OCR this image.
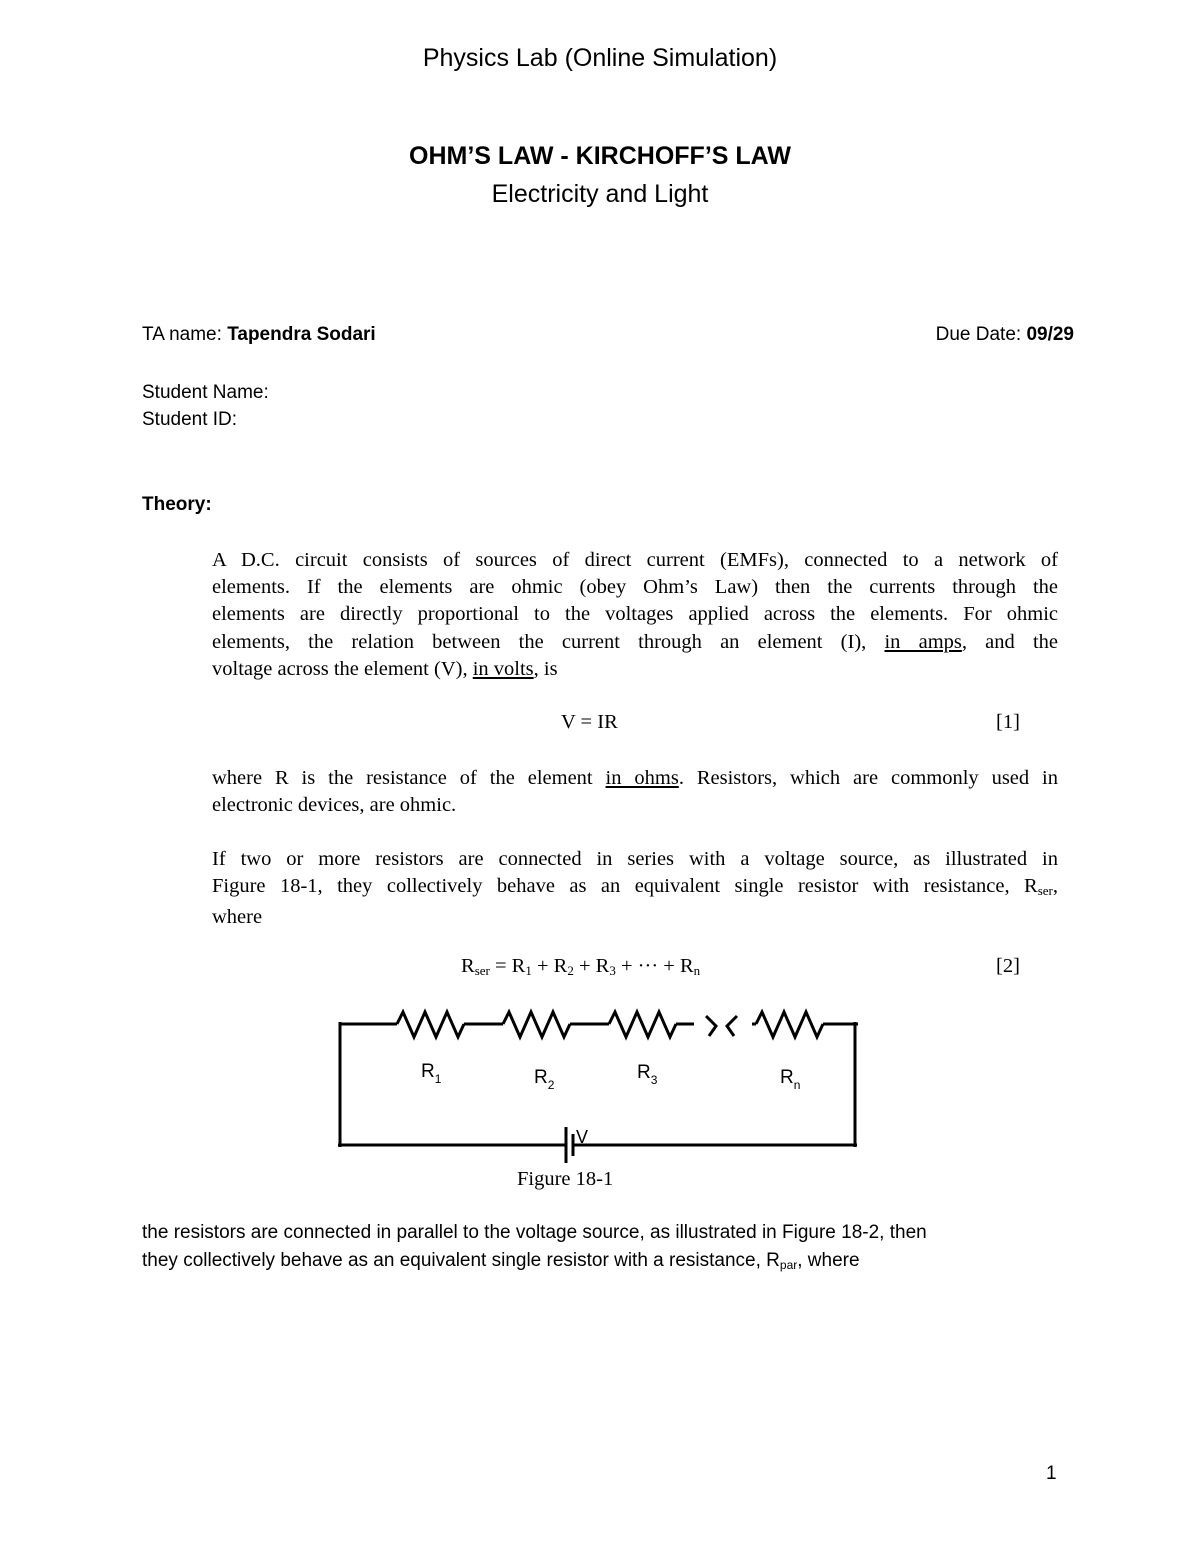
Physics Lab (Online Simulation)
OHM’S LAW - KIRCHOFF’S LAW
Electricity and Light
TA name: Tapendra Sodari	Due Date: 09/29
Student Name:
Student ID:
Theory:
A D.C. circuit consists of sources of direct current (EMFs), connected to a network of
elements. If the elements are ohmic (obey Ohm’s Law) then the currents through the
elements are directly proportional to the voltages applied across the elements. For ohmic
elements, the relation between the current through an element (I), in amps, and the
voltage across the element (V), in volts, is
V = IR	[1]
where R is the resistance of the element in ohms. Resistors, which are commonly used in
electronic devices, are ohmic.
If two or more resistors are connected in series with a voltage source, as illustrated in
Figure 18-1, they collectively behave as an equivalent single resistor with resistance, $R_{ser}$,
where
$R_{ser} = R_1 + R_2 + R_3$ + ··· + $R_n$	[2]
$R_1$	$R_2$
$R_3$	$R_n$
V
Figure 18-1
the resistors are connected in parallel to the voltage source, as illustrated in Figure 18-2, then
they collectively behave as an equivalent single resistor with a resistance, $R_{par}$, where
1
